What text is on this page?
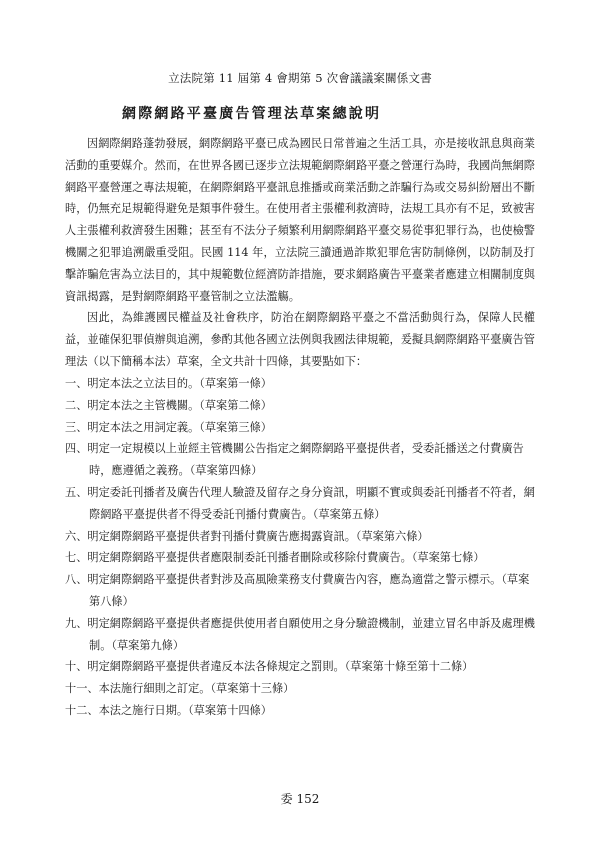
立法院第 11 屆第 4 會期第 5 次會議議案關係文書
網際網路平臺廣告管理法草案總說明

因網際網路蓬勃發展，網際網路平臺已成為國民日常普遍之生活工具，亦是接收訊息與商業活動的重要媒介。然而，在世界各國已逐步立法規範網際網路平臺之營運行為時，我國尚無網際網路平臺營運之專法規範，在網際網路平臺訊息推播或商業活動之詐騙行為或交易糾紛層出不斷時，仍無充足規範得避免是類事件發生。在使用者主張權利救濟時，法規工具亦有不足，致被害人主張權利救濟發生困難；甚至有不法分子頻繁利用網際網路平臺交易從事犯罪行為，也使檢警機關之犯罪追溯嚴重受阻。民國 114 年，立法院三讀通過詐欺犯罪危害防制條例，以防制及打擊詐騙危害為立法目的，其中規範數位經濟防詐措施，要求網路廣告平臺業者應建立相關制度與資訊揭露，是對網際網路平臺管制之立法濫觴。

因此，為維護國民權益及社會秩序，防治在網際網路平臺之不當活動與行為，保障人民權益，並確保犯罪偵辦與追溯，參酌其他各國立法例與我國法律規範，爰擬具網際網路平臺廣告管理法（以下簡稱本法）草案，全文共計十四條，其要點如下：

一、明定本法之立法目的。（草案第一條）

二、明定本法之主管機關。（草案第二條）

三、明定本法之用詞定義。（草案第三條）

四、明定一定規模以上並經主管機關公告指定之網際網路平臺提供者，受委託播送之付費廣告時，應遵循之義務。（草案第四條）

五、明定委託刊播者及廣告代理人驗證及留存之身分資訊，明顯不實或與委託刊播者不符者，網際網路平臺提供者不得受委託刊播付費廣告。（草案第五條）

六、明定網際網路平臺提供者對刊播付費廣告應揭露資訊。（草案第六條）

七、明定網際網路平臺提供者應限制委託刊播者刪除或移除付費廣告。（草案第七條）

八、明定網際網路平臺提供者對涉及高風險業務支付費廣告內容，應為適當之警示標示。（草案第八條）

九、明定網際網路平臺提供者應提供使用者自願使用之身分驗證機制，並建立冒名申訴及處理機制。（草案第九條）

十、明定網際網路平臺提供者違反本法各條規定之罰則。（草案第十條至第十二條）

十一、本法施行細則之訂定。（草案第十三條）

十二、本法之施行日期。（草案第十四條）

委 152
